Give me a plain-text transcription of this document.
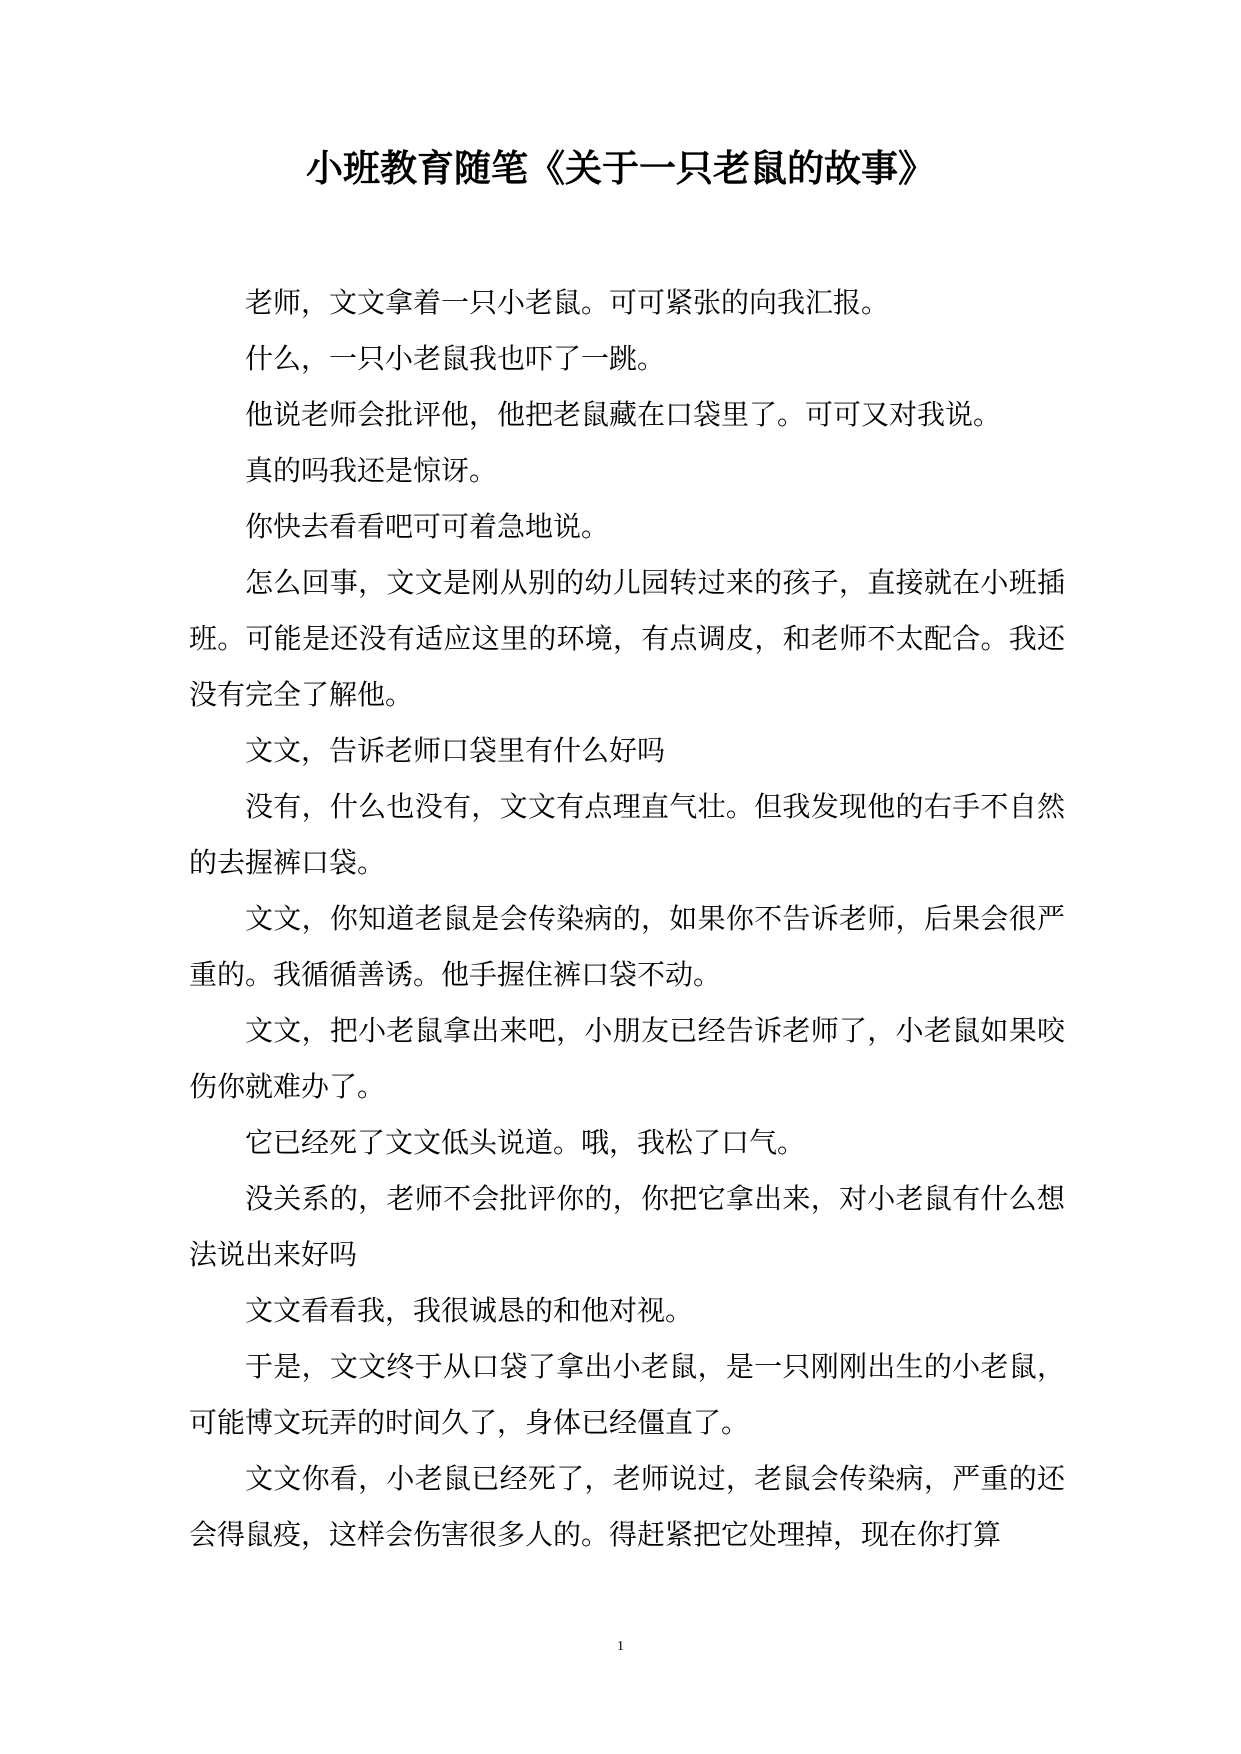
小班教育随笔《关于一只老鼠的故事》

老师，文文拿着一只小老鼠。可可紧张的向我汇报。

什么，一只小老鼠我也吓了一跳。

他说老师会批评他，他把老鼠藏在口袋里了。可可又对我说。

真的吗我还是惊讶。

你快去看看吧可可着急地说。

怎么回事，文文是刚从别的幼儿园转过来的孩子，直接就在小班插班。可能是还没有适应这里的环境，有点调皮，和老师不太配合。我还没有完全了解他。

文文，告诉老师口袋里有什么好吗

没有，什么也没有，文文有点理直气壮。但我发现他的右手不自然的去握裤口袋。

文文，你知道老鼠是会传染病的，如果你不告诉老师，后果会很严重的。我循循善诱。他手握住裤口袋不动。

文文，把小老鼠拿出来吧，小朋友已经告诉老师了，小老鼠如果咬伤你就难办了。

它已经死了文文低头说道。哦，我松了口气。

没关系的，老师不会批评你的，你把它拿出来，对小老鼠有什么想法说出来好吗

文文看看我，我很诚恳的和他对视。

于是，文文终于从口袋了拿出小老鼠，是一只刚刚出生的小老鼠，可能博文玩弄的时间久了，身体已经僵直了。

文文你看，小老鼠已经死了，老师说过，老鼠会传染病，严重的还会得鼠疫，这样会伤害很多人的。得赶紧把它处理掉，现在你打算

1
